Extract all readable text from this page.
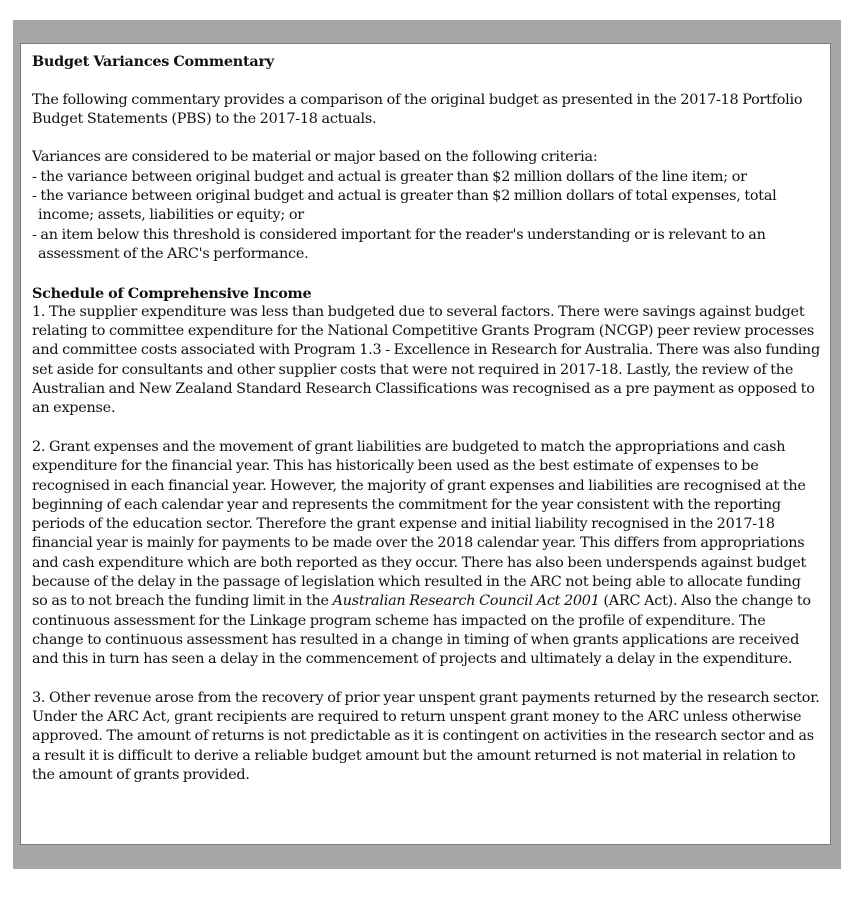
Budget Variances Commentary

The following commentary provides a comparison of the original budget as presented in the 2017-18 Portfolio Budget Statements (PBS) to the 2017-18 actuals.

Variances are considered to be material or major based on the following criteria:

- the variance between original budget and actual is greater than $2 million dollars of the line item; or

- the variance between original budget and actual is greater than $2 million dollars of total expenses, total income; assets, liabilities or equity; or

- an item below this threshold is considered important for the reader's understanding or is relevant to an assessment of the ARC's performance.

Schedule of Comprehensive Income

1. The supplier expenditure was less than budgeted due to several factors. There were savings against budget relating to committee expenditure for the National Competitive Grants Program (NCGP) peer review processes and committee costs associated with Program 1.3 - Excellence in Research for Australia. There was also funding set aside for consultants and other supplier costs that were not required in 2017-18. Lastly, the review of the Australian and New Zealand Standard Research Classifications was recognised as a pre payment as opposed to an expense.

2. Grant expenses and the movement of grant liabilities are budgeted to match the appropriations and cash expenditure for the financial year. This has historically been used as the best estimate of expenses to be recognised in each financial year. However, the majority of grant expenses and liabilities are recognised at the beginning of each calendar year and represents the commitment for the year consistent with the reporting periods of the education sector. Therefore the grant expense and initial liability recognised in the 2017-18 financial year is mainly for payments to be made over the 2018 calendar year. This differs from appropriations and cash expenditure which are both reported as they occur. There has also been underspends against budget because of the delay in the passage of legislation which resulted in the ARC not being able to allocate funding so as to not breach the funding limit in the Australian Research Council Act 2001 (ARC Act). Also the change to continuous assessment for the Linkage program scheme has impacted on the profile of expenditure. The change to continuous assessment has resulted in a change in timing of when grants applications are received and this in turn has seen a delay in the commencement of projects and ultimately a delay in the expenditure.

3. Other revenue arose from the recovery of prior year unspent grant payments returned by the research sector. Under the ARC Act, grant recipients are required to return unspent grant money to the ARC unless otherwise approved. The amount of returns is not predictable as it is contingent on activities in the research sector and as a result it is difficult to derive a reliable budget amount but the amount returned is not material in relation to the amount of grants provided.
